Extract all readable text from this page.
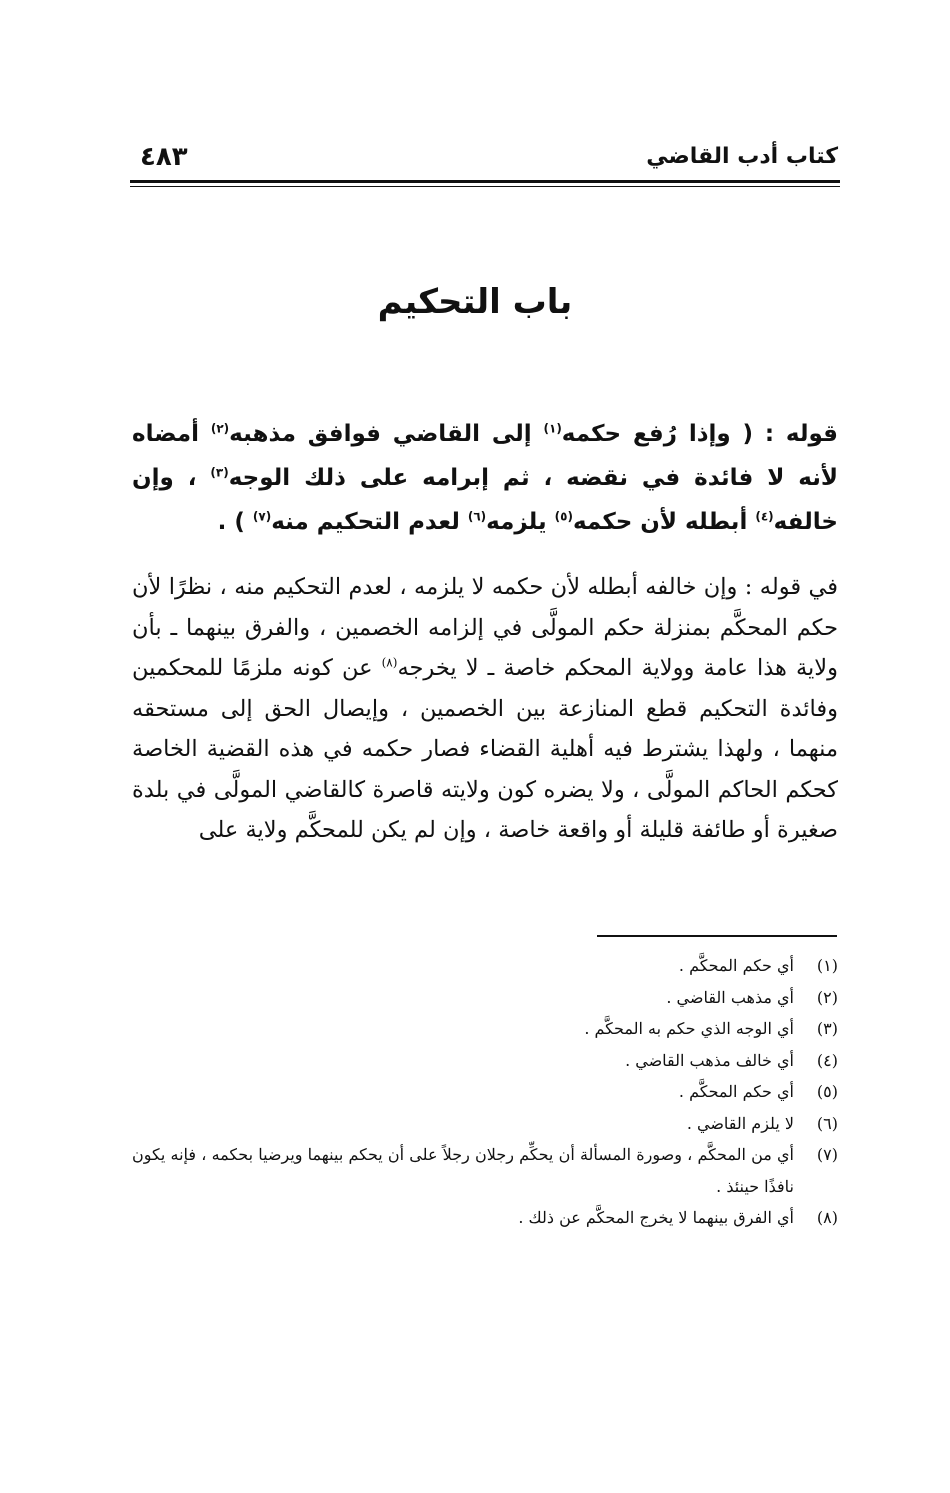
كتاب أدب القاضي
٤٨٣
باب التحكيم
قوله : ( وإذا رُفع حكمه$^{(١)}$ إلى القاضي فوافق مذهبه$^{(٢)}$ أمضاه لأنه لا فائدة في نقضه ، ثم إبرامه على ذلك الوجه$^{(٣)}$ ، وإن خالفه$^{(٤)}$ أبطله لأن حكمه$^{(٥)}$ يلزمه$^{(٦)}$ لعدم التحكيم منه$^{(٧)}$ ) .
في قوله : وإن خالفه أبطله لأن حكمه لا يلزمه ، لعدم التحكيم منه ، نظرًا لأن حكم المحكَّم بمنزلة حكم المولَّى في إلزامه الخصمين ، والفرق بينهما ـ بأن ولاية هذا عامة وولاية المحكم خاصة ـ لا يخرجه$^{(٨)}$ عن كونه ملزمًا للمحكمين وفائدة التحكيم قطع المنازعة بين الخصمين ، وإيصال الحق إلى مستحقه منهما ، ولهذا يشترط فيه أهلية القضاء فصار حكمه في هذه القضية الخاصة كحكم الحاكم المولَّى ، ولا يضره كون ولايته قاصرة كالقاضي المولَّى في بلدة صغيرة أو طائفة قليلة أو واقعة خاصة ، وإن لم يكن للمحكَّم ولاية على
(١)
أي حكم المحكَّم .
(٢)
أي مذهب القاضي .
(٣)
أي الوجه الذي حكم به المحكَّم .
(٤)
أي خالف مذهب القاضي .
(٥)
أي حكم المحكَّم .
(٦)
لا يلزم القاضي .
(٧)
أي من المحكَّم ، وصورة المسألة أن يحكِّم رجلان رجلاً على أن يحكم بينهما ويرضيا بحكمه ، فإنه يكون نافذًا حينئذ .
(٨)
أي الفرق بينهما لا يخرج المحكَّم عن ذلك .
